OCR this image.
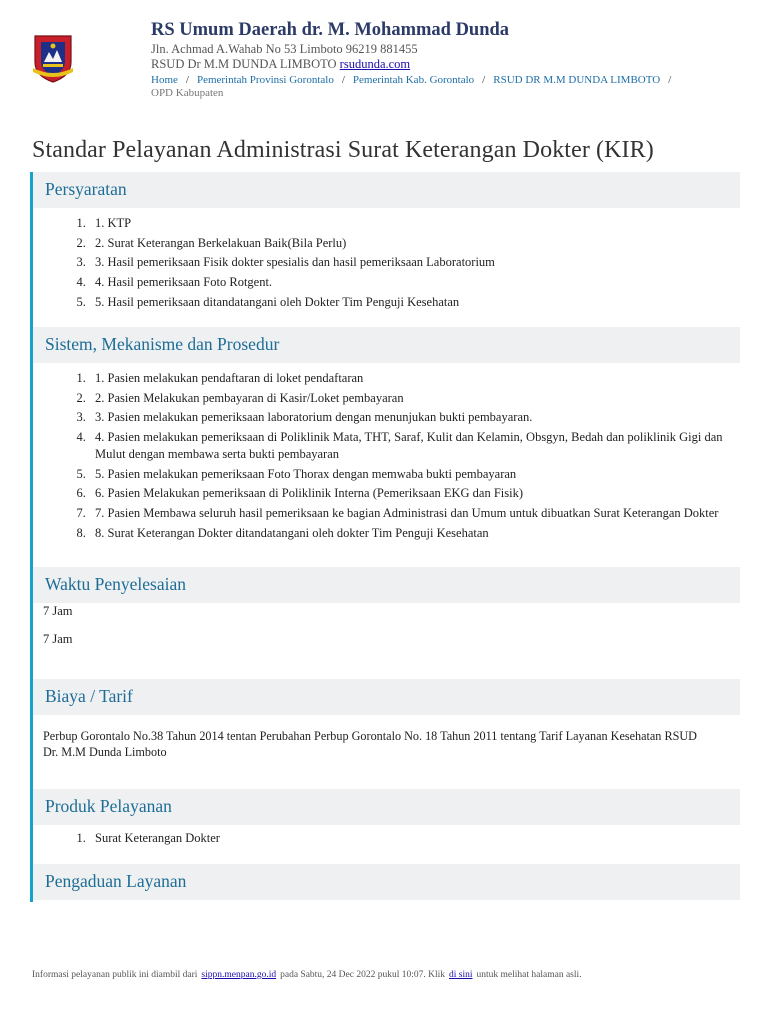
RS Umum Daerah dr. M. Mohammad Dunda
Jln. Achmad A.Wahab No 53 Limboto 96219 881455
RSUD Dr M.M DUNDA LIMBOTO rsudunda.com
Home / Pemerintah Provinsi Gorontalo / Pemerintah Kab. Gorontalo / RSUD DR M.M DUNDA LIMBOTO /
OPD Kabupaten
Standar Pelayanan Administrasi Surat Keterangan Dokter (KIR)
Persyaratan
1. 1. KTP
2. 2. Surat Keterangan Berkelakuan Baik(Bila Perlu)
3. 3. Hasil pemeriksaan Fisik dokter spesialis dan hasil pemeriksaan Laboratorium
4. 4. Hasil pemeriksaan Foto Rotgent.
5. 5. Hasil pemeriksaan ditandatangani oleh Dokter Tim Penguji Kesehatan
Sistem, Mekanisme dan Prosedur
1. 1. Pasien melakukan pendaftaran di loket pendaftaran
2. 2. Pasien Melakukan pembayaran di Kasir/Loket pembayaran
3. 3. Pasien melakukan pemeriksaan laboratorium dengan menunjukan bukti pembayaran.
4. 4. Pasien melakukan pemeriksaan di Poliklinik Mata, THT, Saraf, Kulit dan Kelamin, Obsgyn, Bedah dan poliklinik Gigi dan Mulut dengan membawa serta bukti pembayaran
5. 5. Pasien melakukan pemeriksaan Foto Thorax dengan memwaba bukti pembayaran
6. 6. Pasien Melakukan pemeriksaan di Poliklinik Interna (Pemeriksaan EKG dan Fisik)
7. 7. Pasien Membawa seluruh hasil pemeriksaan ke bagian Administrasi dan Umum untuk dibuatkan Surat Keterangan Dokter
8. 8. Surat Keterangan Dokter ditandatangani oleh dokter Tim Penguji Kesehatan
Waktu Penyelesaian

7 Jam

7 Jam

Biaya / Tarif

Perbup Gorontalo No.38 Tahun 2014 tentan Perubahan Perbup Gorontalo No. 18 Tahun 2011 tentang Tarif Layanan Kesehatan RSUD Dr. M.M Dunda Limboto

Produk Pelayanan
1. Surat Keterangan Dokter
Pengaduan Layanan
Informasi pelayanan publik ini diambil dari sippn.menpan.go.id pada Sabtu, 24 Dec 2022 pukul 10:07. Klik di sini untuk melihat halaman asli.
